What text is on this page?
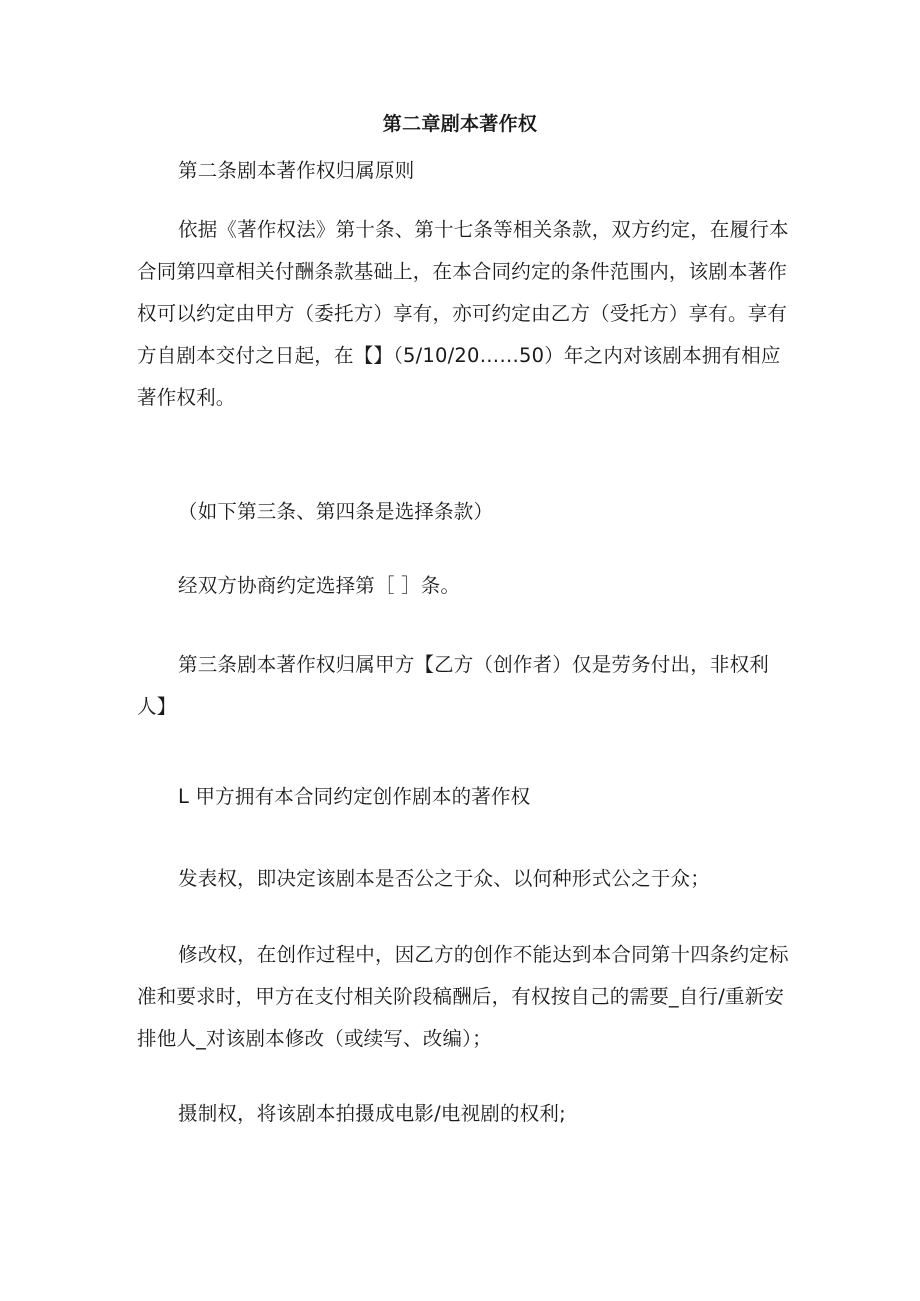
第二章剧本著作权
第二条剧本著作权归属原则
依据《著作权法》第十条、第十七条等相关条款，双方约定，在履行本合同第四章相关付酬条款基础上，在本合同约定的条件范围内，该剧本著作权可以约定由甲方（委托方）享有，亦可约定由乙方（受托方）享有。享有方自剧本交付之日起，在【】（5/10/20……50）年之内对该剧本拥有相应著作权利。
（如下第三条、第四条是选择条款）
经双方协商约定选择第［ ］条。
第三条剧本著作权归属甲方【乙方（创作者）仅是劳务付出，非权利人】
L 甲方拥有本合同约定创作剧本的著作权
发表权，即决定该剧本是否公之于众、以何种形式公之于众；
修改权，在创作过程中，因乙方的创作不能达到本合同第十四条约定标准和要求时，甲方在支付相关阶段稿酬后，有权按自己的需要_自行/重新安排他人_对该剧本修改（或续写、改编）；
摄制权，将该剧本拍摄成电影/电视剧的权利;
